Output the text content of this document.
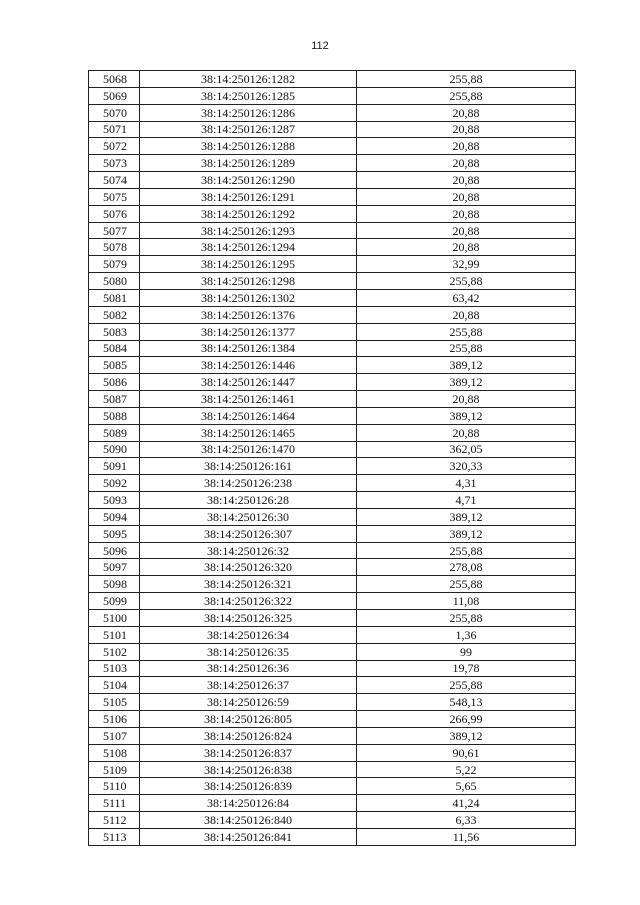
112
5068	38:14:250126:1282	255,88
5069	38:14:250126:1285	255,88
5070	38:14:250126:1286	20,88
5071	38:14:250126:1287	20,88
5072	38:14:250126:1288	20,88
5073	38:14:250126:1289	20,88
5074	38:14:250126:1290	20,88
5075	38:14:250126:1291	20,88
5076	38:14:250126:1292	20,88
5077	38:14:250126:1293	20,88
5078	38:14:250126:1294	20,88
5079	38:14:250126:1295	32,99
5080	38:14:250126:1298	255,88
5081	38:14:250126:1302	63,42
5082	38:14:250126:1376	20,88
5083	38:14:250126:1377	255,88
5084	38:14:250126:1384	255,88
5085	38:14:250126:1446	389,12
5086	38:14:250126:1447	389,12
5087	38:14:250126:1461	20,88
5088	38:14:250126:1464	389,12
5089	38:14:250126:1465	20,88
5090	38:14:250126:1470	362,05
5091	38:14:250126:161	320,33
5092	38:14:250126:238	4,31
5093	38:14:250126:28	4,71
5094	38:14:250126:30	389,12
5095	38:14:250126:307	389,12
5096	38:14:250126:32	255,88
5097	38:14:250126:320	278,08
5098	38:14:250126:321	255,88
5099	38:14:250126:322	11,08
5100	38:14:250126:325	255,88
5101	38:14:250126:34	1,36
5102	38:14:250126:35	99
5103	38:14:250126:36	19,78
5104	38:14:250126:37	255,88
5105	38:14:250126:59	548,13
5106	38:14:250126:805	266,99
5107	38:14:250126:824	389,12
5108	38:14:250126:837	90,61
5109	38:14:250126:838	5,22
5110	38:14:250126:839	5,65
5111	38:14:250126:84	41,24
5112	38:14:250126:840	6,33
5113	38:14:250126:841	11,56
